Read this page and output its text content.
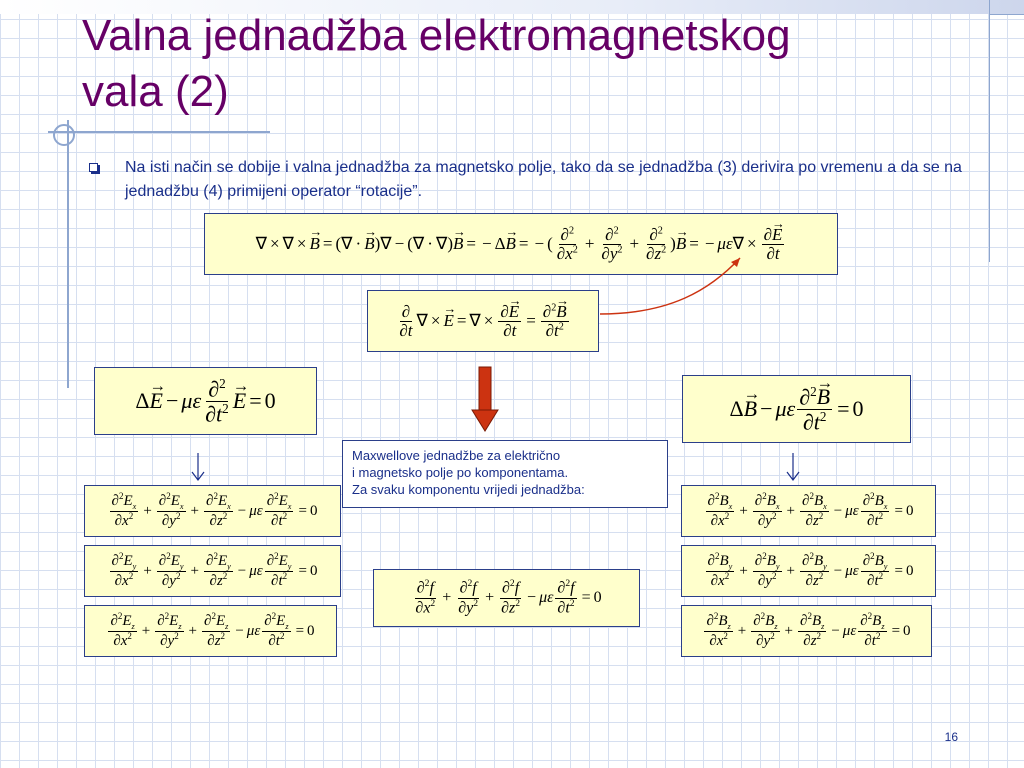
Valna jednadžba elektromagnetskog
vala (2)
Na isti način se dobije i valna jednadžba za magnetsko polje, tako da se jednadžba (3) derivira po vremenu a da se na jednadžbu (4) primijeni operator “rotacije”.
∇ × ∇ ×
→ B = ( ∇ ·
→ B )∇ − ( ∇ · ∇ )
→ B = − Δ
→ B = − ( $\frac{\partial^2}{\partial x^2} + \frac{\partial^2}{\partial y^2} + \frac{\partial^2}{\partial z^2}$ )
→ B = − με ∇ × $\frac{\partial\to E}{\partial t}$
$\frac{\partial}{\partial t}$ ∇ ×
→ E = ∇ × $\frac{\partial\to E}{\partial t} = \frac{\partial^2\to B}{\partial t^2}$
Δ
→ E − με $\frac{\partial^2}{\partial t^2}$
→ E = 0	Δ
→ B − με $\frac{\partial^2\to B}{\partial t^2} = 0$
Maxwellove jednadžbe za električno
i magnetsko polje po komponentama.
Za svaku komponentu vrijedi jednadžba:
$\frac{\partial^2E_x}{\partial x^2} + \frac{\partial^2E_x}{\partial y^2} + \frac{\partial^2E_x}{\partial z^2} - \mu\varepsilon \frac{\partial^2E_x}{\partial t^2} = 0$
$\frac{\partial^2E_y}{\partial x^2} + \frac{\partial^2E_y}{\partial y^2} + \frac{\partial^2E_y}{\partial z^2} - \mu\varepsilon \frac{\partial^2E_y}{\partial t^2} = 0$
$\frac{\partial^2E_z}{\partial x^2} + \frac{\partial^2E_z}{\partial y^2} + \frac{\partial^2E_z}{\partial z^2} - \mu\varepsilon \frac{\partial^2E_z}{\partial t^2} = 0$
$\frac{\partial^2f}{\partial x^2} + \frac{\partial^2f}{\partial y^2} + \frac{\partial^2f}{\partial z^2} - \mu\varepsilon \frac{\partial^2f}{\partial t^2} = 0$
$\frac{\partial^2B_x}{\partial x^2} + \frac{\partial^2B_x}{\partial y^2} + \frac{\partial^2B_x}{\partial z^2} - \mu\varepsilon \frac{\partial^2B_x}{\partial t^2} = 0$
$\frac{\partial^2B_y}{\partial x^2} + \frac{\partial^2B_y}{\partial y^2} + \frac{\partial^2B_y}{\partial z^2} - \mu\varepsilon \frac{\partial^2B_y}{\partial t^2} = 0$
$\frac{\partial^2B_z}{\partial x^2} + \frac{\partial^2B_z}{\partial y^2} + \frac{\partial^2B_z}{\partial z^2} - \mu\varepsilon \frac{\partial^2B_z}{\partial t^2} = 0$
16
